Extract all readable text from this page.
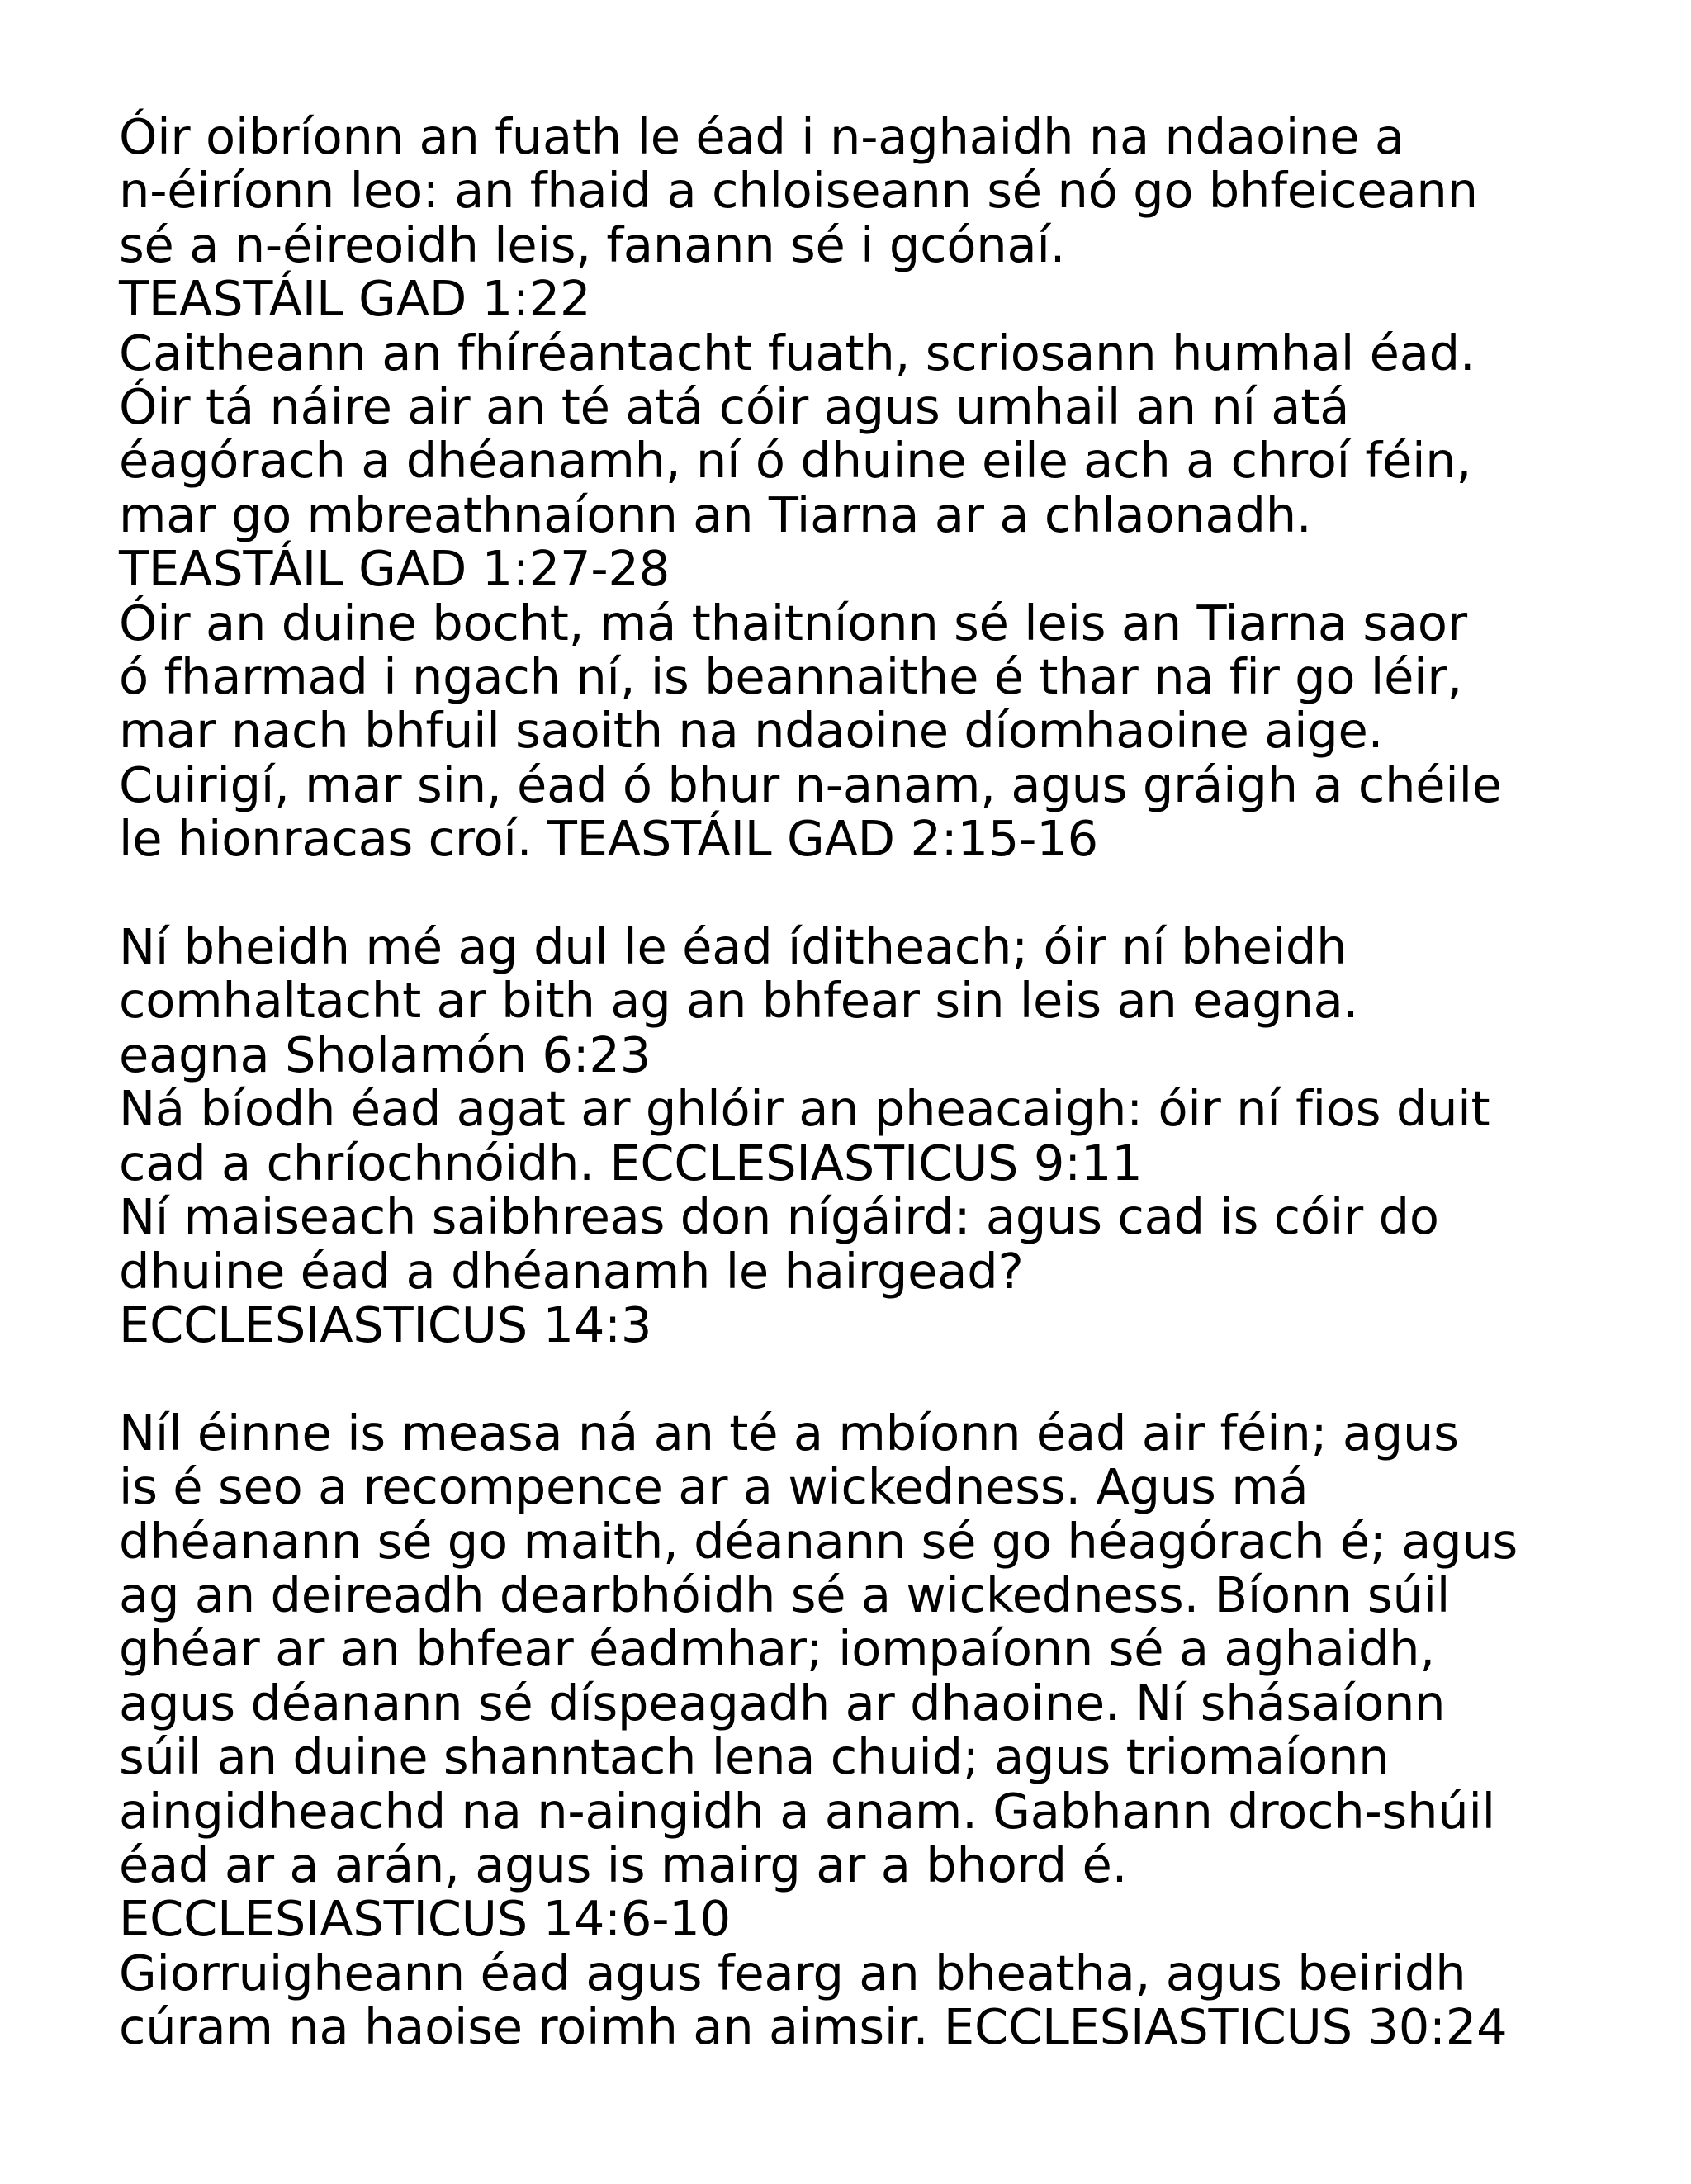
Óir oibríonn an fuath le éad i n-aghaidh na ndaoine a
n-éiríonn leo: an fhaid a chloiseann sé nó go bhfeiceann
sé a n-éireoidh leis, fanann sé i gcónaí.
TEASTÁIL GAD 1:22
Caitheann an fhíréantacht fuath, scriosann humhal éad.
Óir tá náire air an té atá cóir agus umhail an ní atá
éagórach a dhéanamh, ní ó dhuine eile ach a chroí féin,
mar go mbreathnaíonn an Tiarna ar a chlaonadh.
TEASTÁIL GAD 1:27-28
Óir an duine bocht, má thaitníonn sé leis an Tiarna saor
ó fharmad i ngach ní, is beannaithe é thar na fir go léir,
mar nach bhfuil saoith na ndaoine díomhaoine aige.
Cuirigí, mar sin, éad ó bhur n-anam, agus gráigh a chéile
le hionracas croí. TEASTÁIL GAD 2:15-16
Ní bheidh mé ag dul le éad íditheach; óir ní bheidh
comhaltacht ar bith ag an bhfear sin leis an eagna.
eagna Sholamón 6:23
Ná bíodh éad agat ar ghlóir an pheacaigh: óir ní fios duit
cad a chríochnóidh. ECCLESIASTICUS 9:11
Ní maiseach saibhreas don nígáird: agus cad is cóir do
dhuine éad a dhéanamh le hairgead?
ECCLESIASTICUS 14:3
Níl éinne is measa ná an té a mbíonn éad air féin; agus
is é seo a recompence ar a wickedness. Agus má
dhéanann sé go maith, déanann sé go héagórach é; agus
ag an deireadh dearbhóidh sé a wickedness. Bíonn súil
ghéar ar an bhfear éadmhar; iompaíonn sé a aghaidh,
agus déanann sé díspeagadh ar dhaoine. Ní shásaíonn
súil an duine shanntach lena chuid; agus triomaíonn
aingidheachd na n-aingidh a anam. Gabhann droch-shúil
éad ar a arán, agus is mairg ar a bhord é.
ECCLESIASTICUS 14:6-10
Giorruigheann éad agus fearg an bheatha, agus beiridh
cúram na haoise roimh an aimsir. ECCLESIASTICUS 30:24
